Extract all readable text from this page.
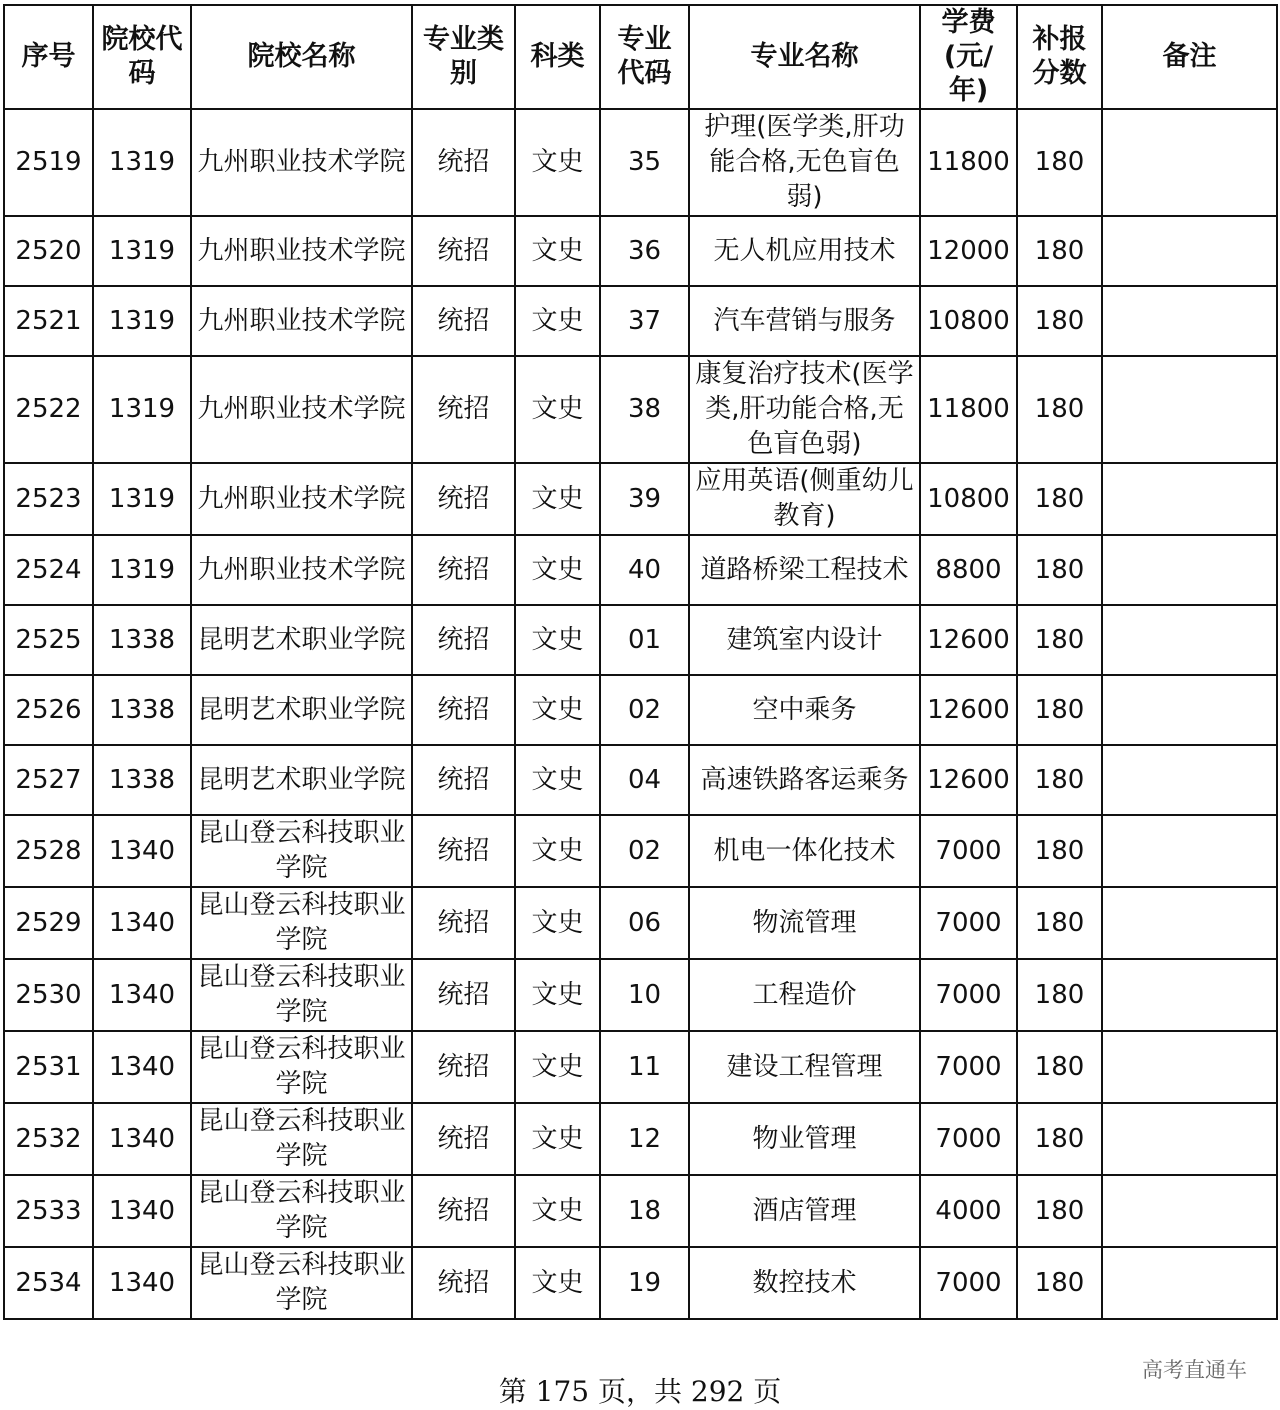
序号	院校代码	院校名称	专业类别	科类	专业代码	专业名称	学费(元/年)	补报分数	备注
2519	1319	九州职业技术学院	统招	文史	35	护理(医学类,肝功能合格,无色盲色弱)	11800	180	
2520	1319	九州职业技术学院	统招	文史	36	无人机应用技术	12000	180	
2521	1319	九州职业技术学院	统招	文史	37	汽车营销与服务	10800	180	
2522	1319	九州职业技术学院	统招	文史	38	康复治疗技术(医学类,肝功能合格,无色盲色弱)	11800	180	
2523	1319	九州职业技术学院	统招	文史	39	应用英语(侧重幼儿教育)	10800	180	
2524	1319	九州职业技术学院	统招	文史	40	道路桥梁工程技术	8800	180	
2525	1338	昆明艺术职业学院	统招	文史	01	建筑室内设计	12600	180	
2526	1338	昆明艺术职业学院	统招	文史	02	空中乘务	12600	180	
2527	1338	昆明艺术职业学院	统招	文史	04	高速铁路客运乘务	12600	180	
2528	1340	昆山登云科技职业学院	统招	文史	02	机电一体化技术	7000	180	
2529	1340	昆山登云科技职业学院	统招	文史	06	物流管理	7000	180	
2530	1340	昆山登云科技职业学院	统招	文史	10	工程造价	7000	180	
2531	1340	昆山登云科技职业学院	统招	文史	11	建设工程管理	7000	180	
2532	1340	昆山登云科技职业学院	统招	文史	12	物业管理	7000	180	
2533	1340	昆山登云科技职业学院	统招	文史	18	酒店管理	4000	180	
2534	1340	昆山登云科技职业学院	统招	文史	19	数控技术	7000	180	
第 175 页，共 292 页
高考直通车
